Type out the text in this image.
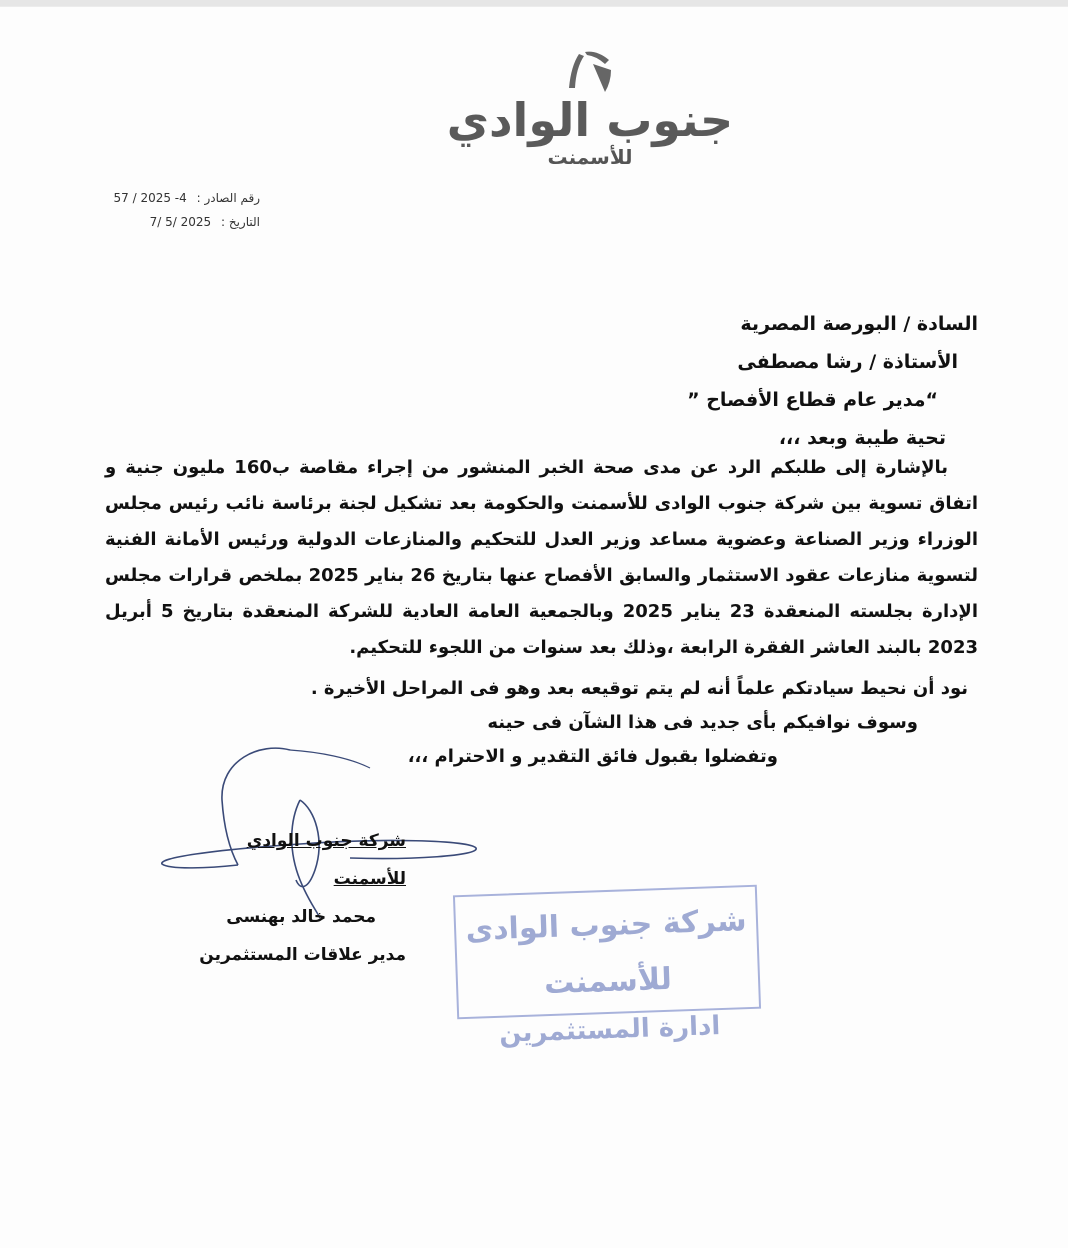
جنوب الوادي
للأسمنت
رقم الصادر : 57 / 2025 -4
التاريخ : 7/ 5/ 2025
السادة / البورصة المصرية
الأستاذة / رشا مصطفى
“مدير عام قطاع الأفصاح ”
تحية طيبة وبعد ،،،

بالإشارة إلى طلبكم الرد عن مدى صحة الخبر المنشور من إجراء مقاصة ب160 مليون جنية و اتفاق تسوية بين شركة جنوب الوادى للأسمنت والحكومة بعد تشكيل لجنة برئاسة نائب رئيس مجلس الوزراء وزير الصناعة وعضوية مساعد وزير العدل للتحكيم والمنازعات الدولية ورئيس الأمانة الفنية لتسوية منازعات عقود الاستثمار والسابق الأفصاح عنها بتاريخ 26 بناير 2025 بملخص قرارات مجلس الإدارة بجلسته المنعقدة 23 يناير 2025 وبالجمعية العامة العادية للشركة المنعقدة بتاريخ 5 أبريل 2023 بالبند العاشر الفقرة الرابعة ،وذلك بعد سنوات من اللجوء للتحكيم.

نود أن نحيط سيادتكم علماً أنه لم يتم توقيعه بعد وهو فى المراحل الأخيرة .
وسوف نوافيكم بأى جديد فى هذا الشآن فى حينه
وتفضلوا بقبول فائق التقدير و الاحترام ،،،
شركة جنوب الوادي للأسمنت
محمد خالد بهنسى
مدير علاقات المستثمرين
شركة جنوب الوادى للأسمنت
ادارة المستثمرين
